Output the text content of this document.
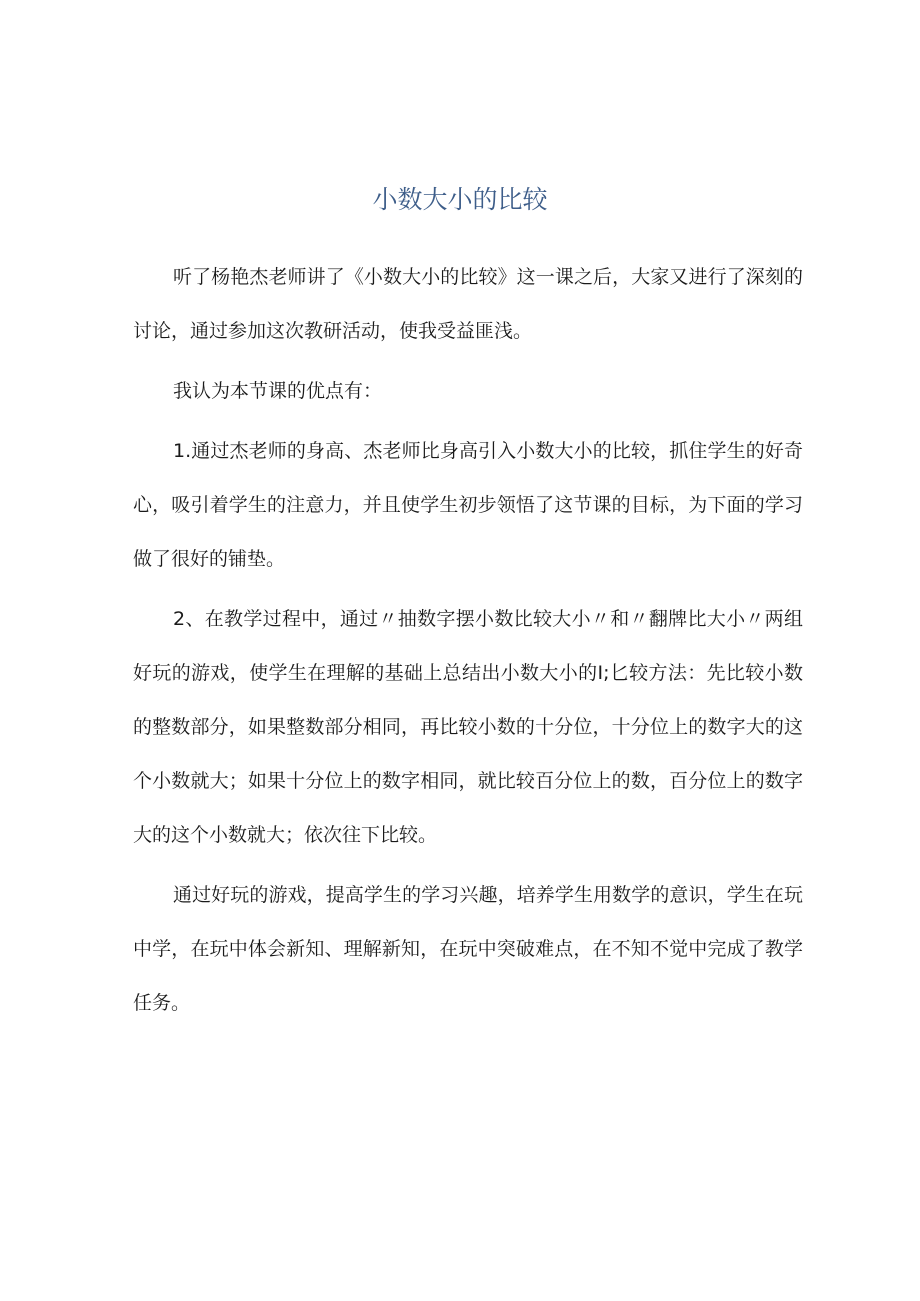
小数大小的比较

听了杨艳杰老师讲了《小数大小的比较》这一课之后，大家又进行了深刻的讨论，通过参加这次教研活动，使我受益匪浅。

我认为本节课的优点有：

1.通过杰老师的身高、杰老师比身高引入小数大小的比较，抓住学生的好奇心，吸引着学生的注意力，并且使学生初步领悟了这节课的目标，为下面的学习做了很好的铺垫。

2、在教学过程中，通过〃抽数字摆小数比较大小〃和〃翻牌比大小〃两组好玩的游戏，使学生在理解的基础上总结出小数大小的I;匕较方法：先比较小数的整数部分，如果整数部分相同，再比较小数的十分位，十分位上的数字大的这个小数就大；如果十分位上的数字相同，就比较百分位上的数，百分位上的数字大的这个小数就大；依次往下比较。

通过好玩的游戏，提高学生的学习兴趣，培养学生用数学的意识，学生在玩中学，在玩中体会新知、理解新知，在玩中突破难点，在不知不觉中完成了教学任务。
